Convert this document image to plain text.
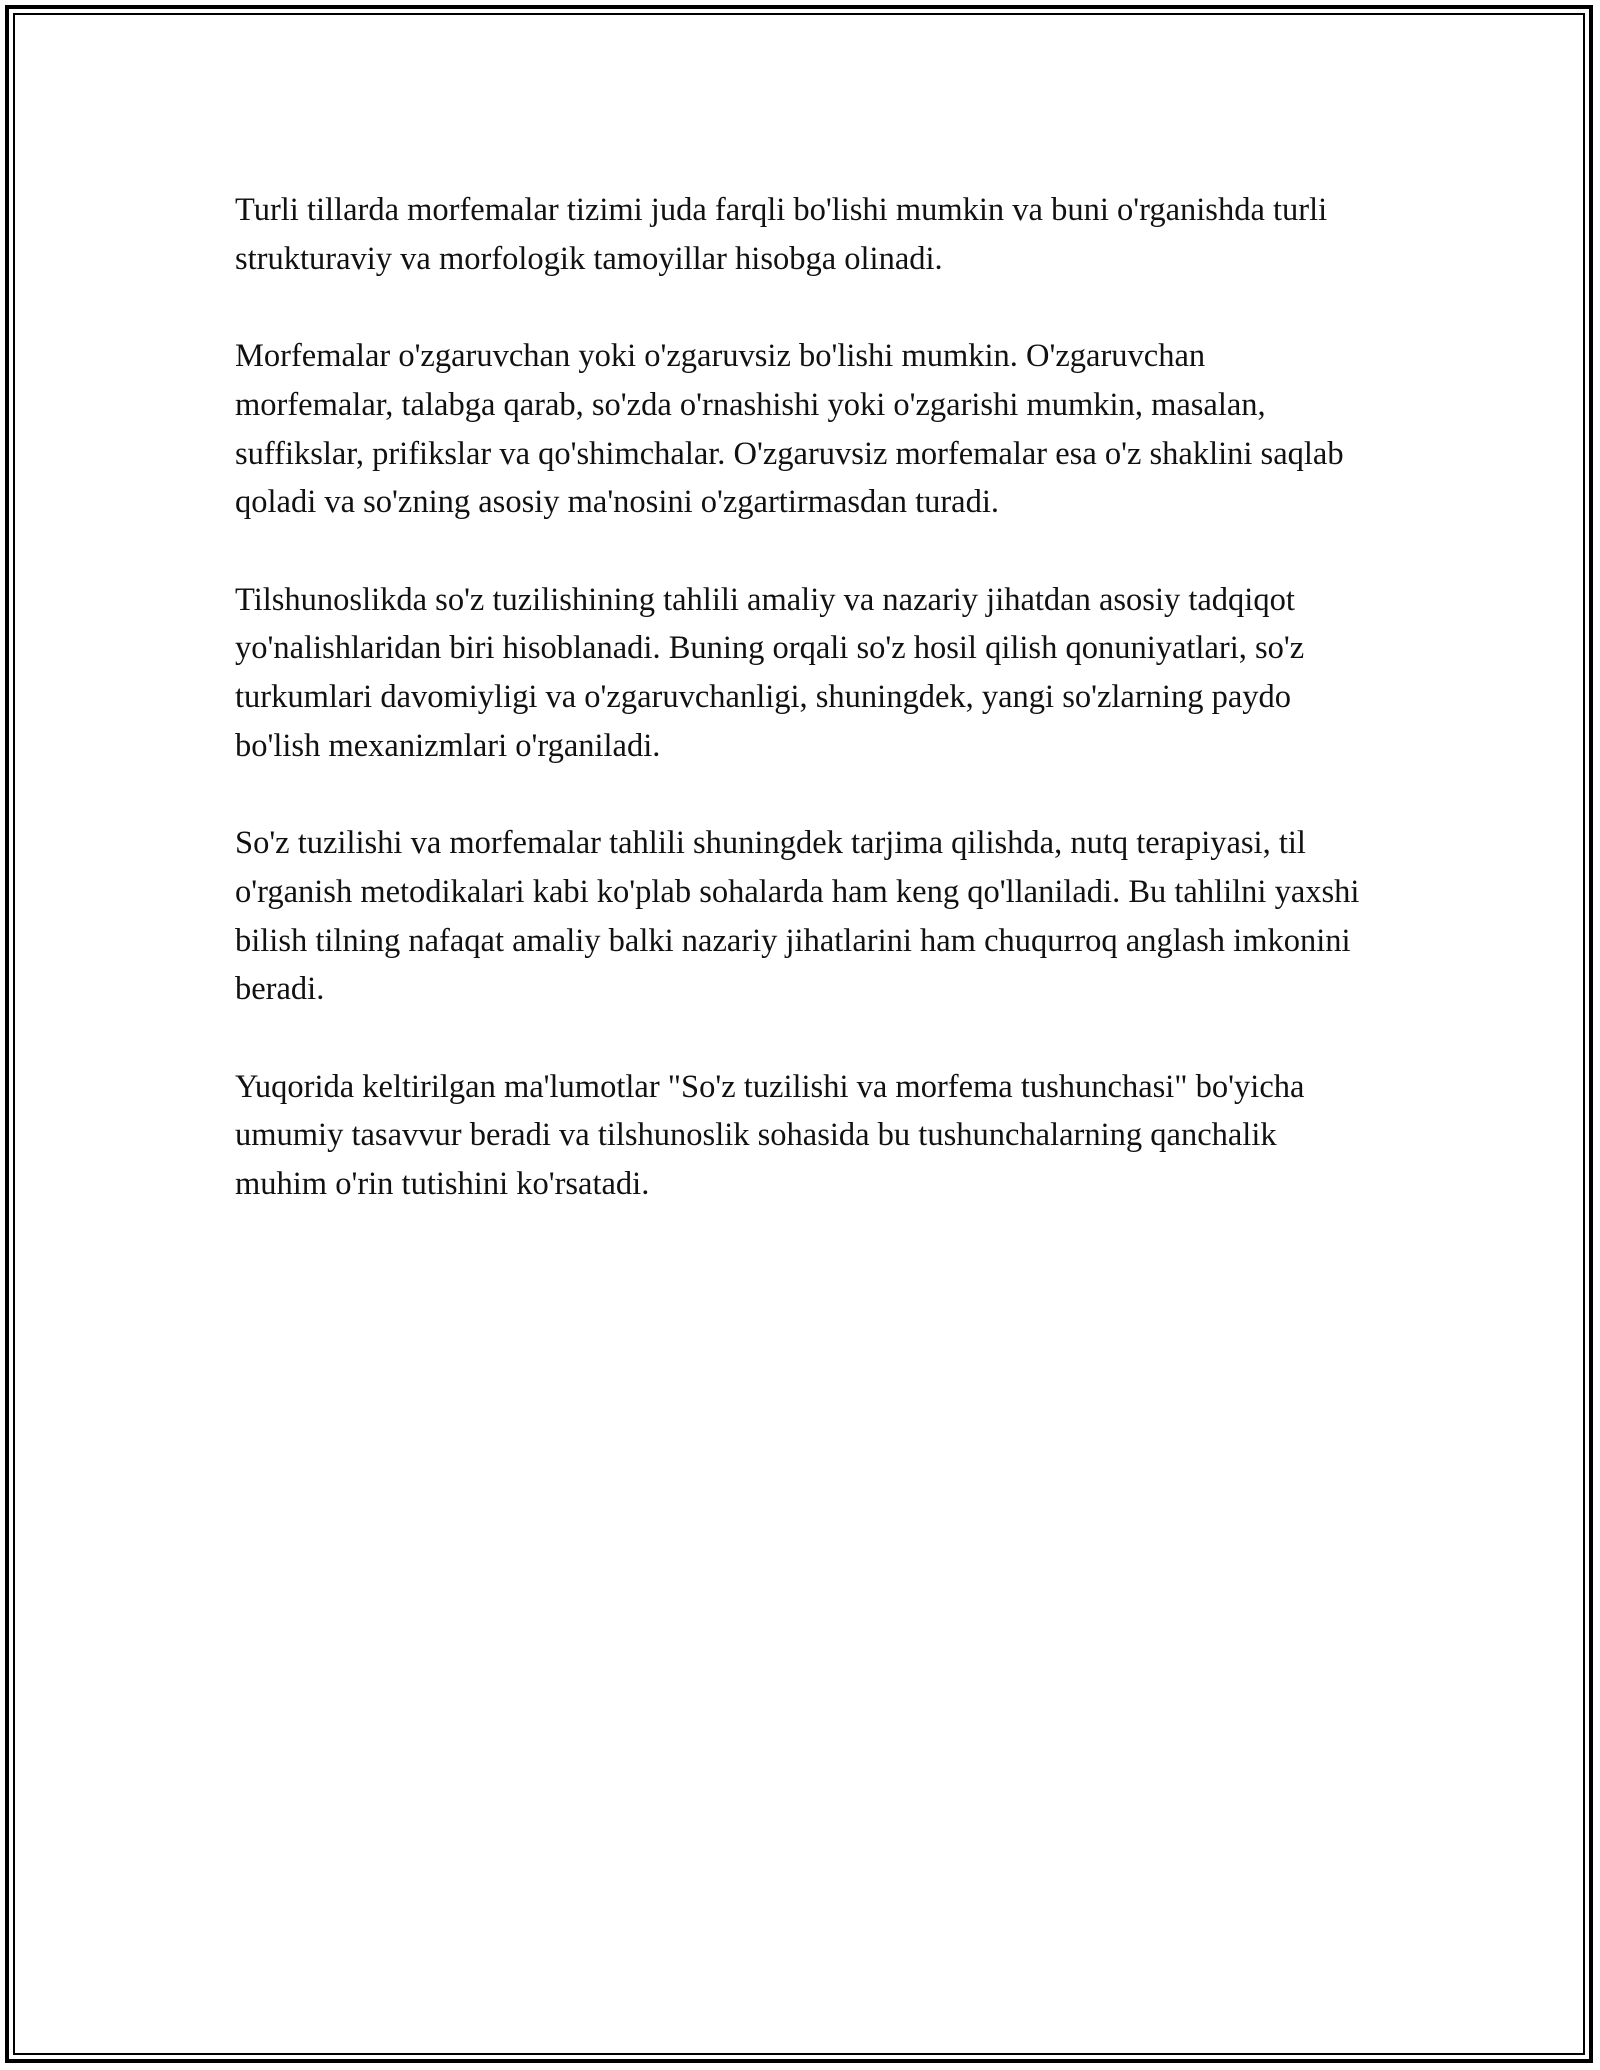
Turli tillarda morfemalar tizimi juda farqli bo'lishi mumkin va buni o'rganishda turli strukturaviy va morfologik tamoyillar hisobga olinadi.

Morfemalar o'zgaruvchan yoki o'zgaruvsiz bo'lishi mumkin. O'zgaruvchan morfemalar, talabga qarab, so'zda o'rnashishi yoki o'zgarishi mumkin, masalan, suffikslar, prifikslar va qo'shimchalar. O'zgaruvsiz morfemalar esa o'z shaklini saqlab qoladi va so'zning asosiy ma'nosini o'zgartirmasdan turadi.

Tilshunoslikda so'z tuzilishining tahlili amaliy va nazariy jihatdan asosiy tadqiqot yo'nalishlaridan biri hisoblanadi. Buning orqali so'z hosil qilish qonuniyatlari, so'z turkumlari davomiyligi va o'zgaruvchanligi, shuningdek, yangi so'zlarning paydo bo'lish mexanizmlari o'rganiladi.

So'z tuzilishi va morfemalar tahlili shuningdek tarjima qilishda, nutq terapiyasi, til o'rganish metodikalari kabi ko'plab sohalarda ham keng qo'llaniladi. Bu tahlilni yaxshi bilish tilning nafaqat amaliy balki nazariy jihatlarini ham chuqurroq anglash imkonini beradi.

Yuqorida keltirilgan ma'lumotlar "So'z tuzilishi va morfema tushunchasi" bo'yicha umumiy tasavvur beradi va tilshunoslik sohasida bu tushunchalarning qanchalik muhim o'rin tutishini ko'rsatadi.
